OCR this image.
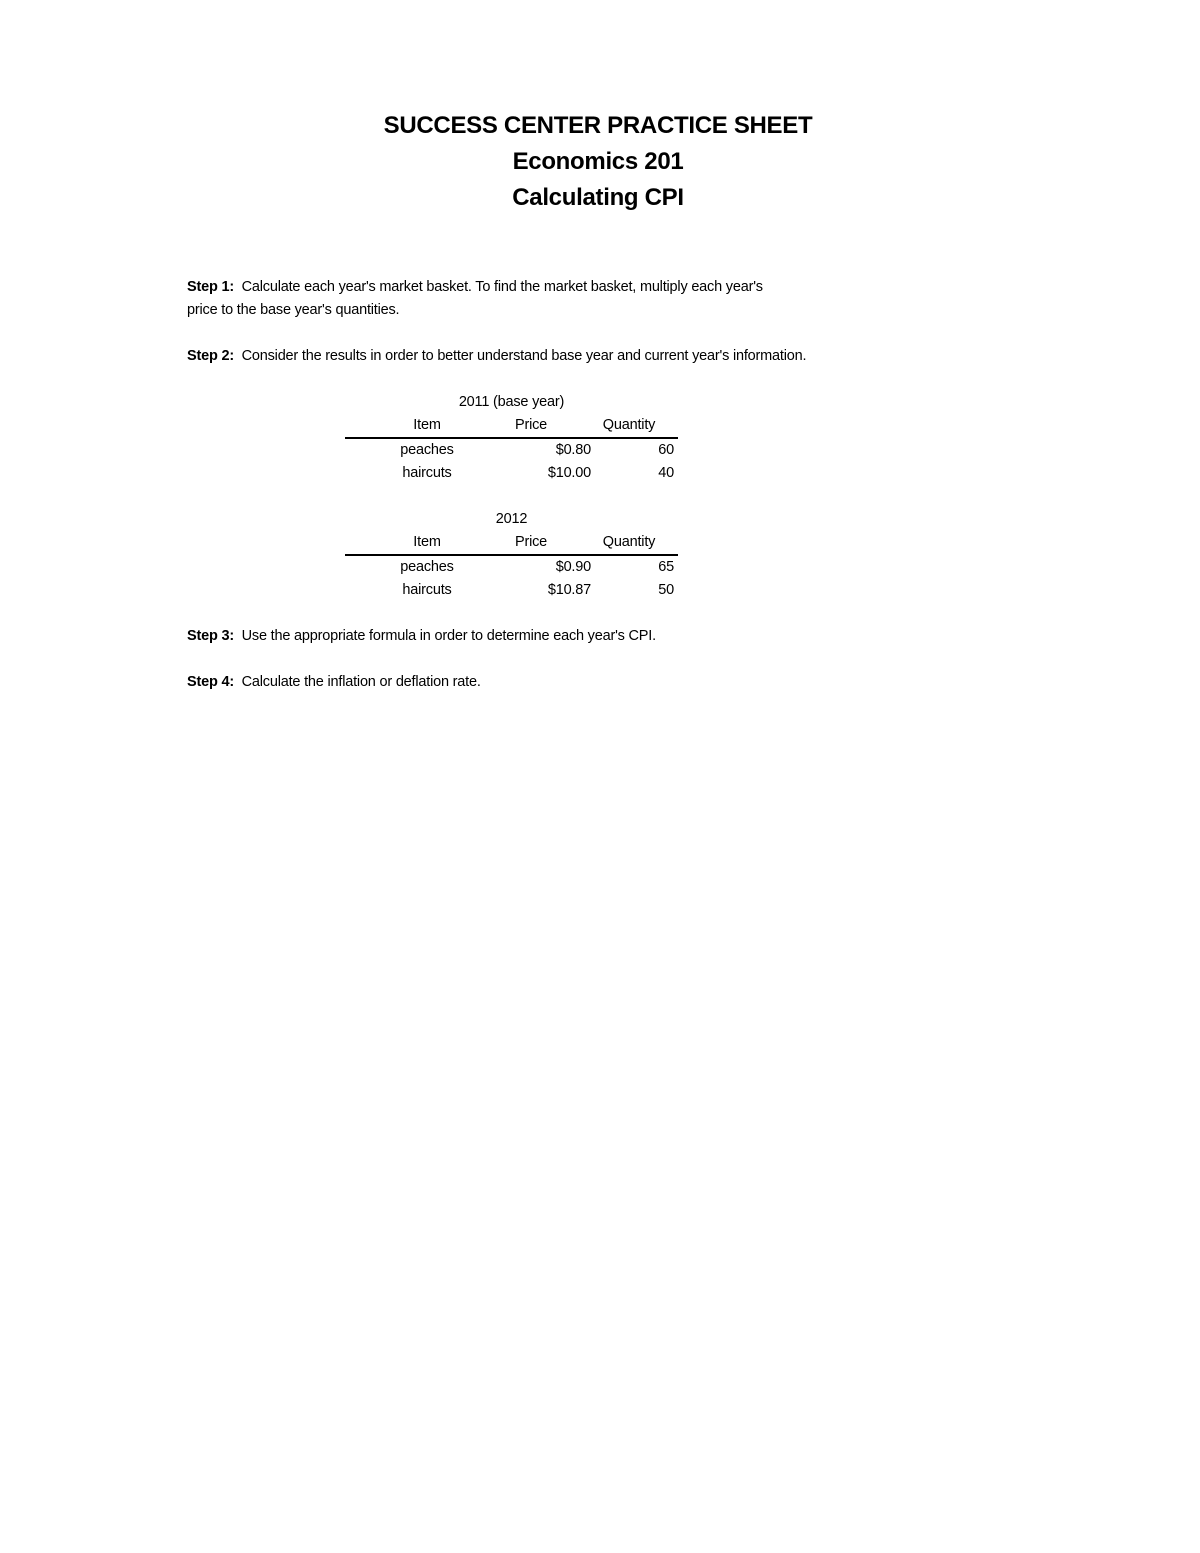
SUCCESS CENTER PRACTICE SHEET
Economics 201
Calculating CPI
Step 1: Calculate each year's market basket. To find the market basket, multiply each year's
price to the base year's quantities.
Step 2: Consider the results in order to better understand base year and current year's information.
2011 (base year)
Item	Price	Quantity
peaches	$0.80	60
haircuts	$10.00	40
2012
Item	Price	Quantity
peaches	$0.90	65
haircuts	$10.87	50
Step 3: Use the appropriate formula in order to determine each year's CPI.
Step 4: Calculate the inflation or deflation rate.
